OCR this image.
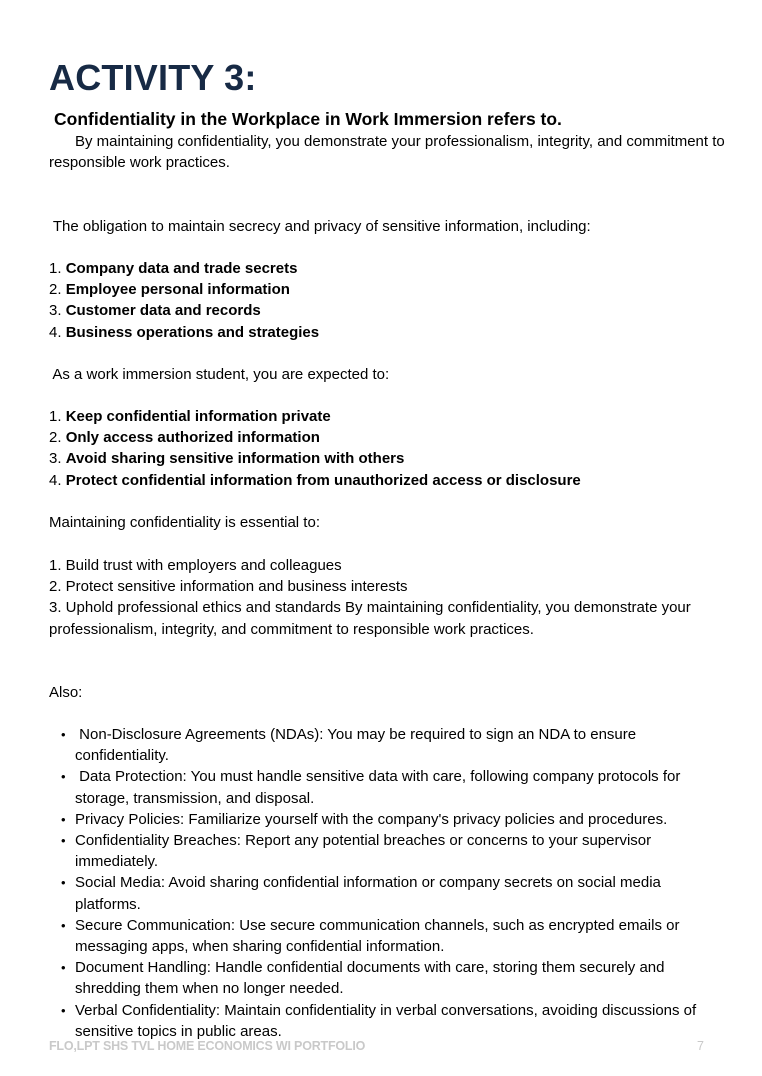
ACTIVITY 3:
Confidentiality in the Workplace in Work Immersion refers to.
By maintaining confidentiality, you demonstrate your professionalism, integrity, and commitment to responsible work practices.

The obligation to maintain secrecy and privacy of sensitive information, including:

1. Company data and trade secrets
2. Employee personal information
3. Customer data and records
4. Business operations and strategies

As a work immersion student, you are expected to:

1. Keep confidential information private
2. Only access authorized information
3. Avoid sharing sensitive information with others
4. Protect confidential information from unauthorized access or disclosure

Maintaining confidentiality is essential to:

1. Build trust with employers and colleagues
2. Protect sensitive information and business interests
3. Uphold professional ethics and standards By maintaining confidentiality, you demonstrate your professionalism, integrity, and commitment to responsible work practices.

Also:

• Non-Disclosure Agreements (NDAs): You may be required to sign an NDA to ensure confidentiality.
• Data Protection: You must handle sensitive data with care, following company protocols for storage, transmission, and disposal.
• Privacy Policies: Familiarize yourself with the company's privacy policies and procedures.
• Confidentiality Breaches: Report any potential breaches or concerns to your supervisor immediately.
• Social Media: Avoid sharing confidential information or company secrets on social media platforms.
• Secure Communication: Use secure communication channels, such as encrypted emails or messaging apps, when sharing confidential information.
• Document Handling: Handle confidential documents with care, storing them securely and shredding them when no longer needed.
• Verbal Confidentiality: Maintain confidentiality in verbal conversations, avoiding discussions of sensitive topics in public areas.
FLO,LPT SHS TVL HOME ECONOMICS WI PORTFOLIO	7
